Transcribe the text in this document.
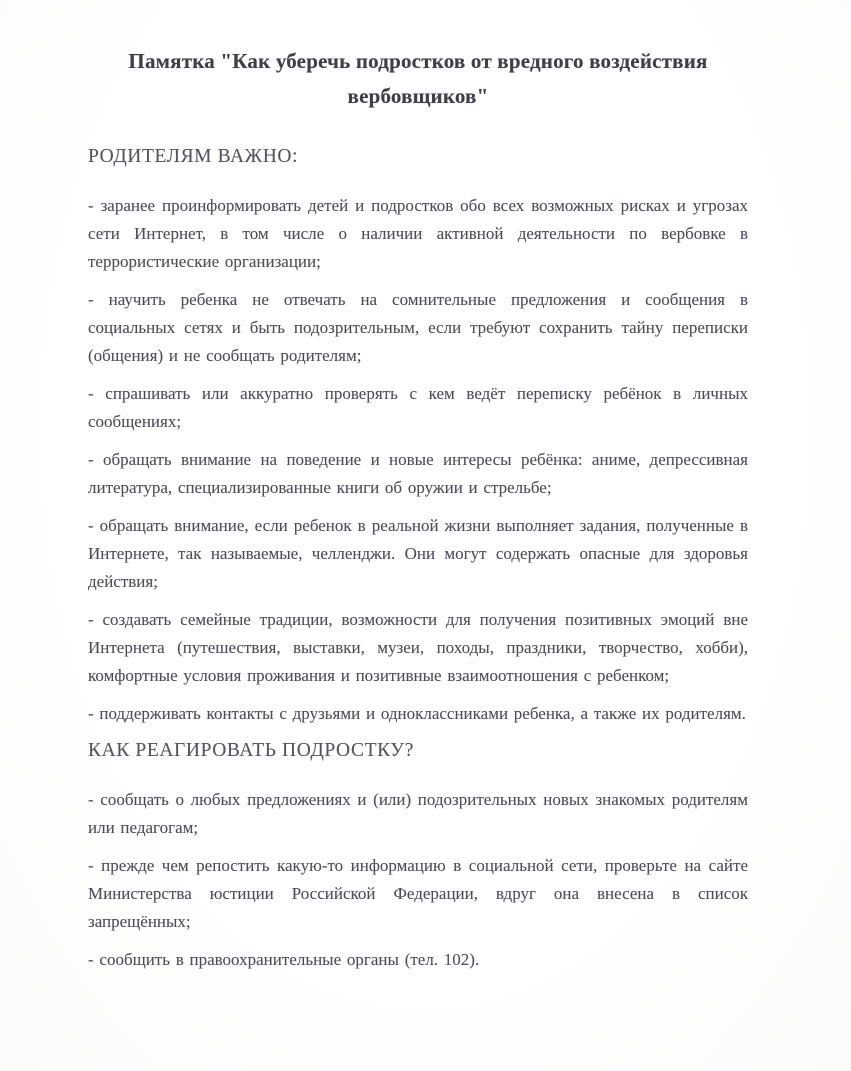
Памятка "Как уберечь подростков от вредного воздействия вербовщиков"
РОДИТЕЛЯМ ВАЖНО:

- заранее проинформировать детей и подростков обо всех возможных рисках и угрозах сети Интернет, в том числе о наличии активной деятельности по вербовке в террористические организации;

- научить ребенка не отвечать на сомнительные предложения и сообщения в социальных сетях и быть подозрительным, если требуют сохранить тайну переписки (общения) и не сообщать родителям;

- спрашивать или аккуратно проверять с кем ведёт переписку ребёнок в личных сообщениях;

- обращать внимание на поведение и новые интересы ребёнка: аниме, депрессивная литература, специализированные книги об оружии и стрельбе;

- обращать внимание, если ребенок в реальной жизни выполняет задания, полученные в Интернете, так называемые, челленджи. Они могут содержать опасные для здоровья действия;

- создавать семейные традиции, возможности для получения позитивных эмоций вне Интернета (путешествия, выставки, музеи, походы, праздники, творчество, хобби), комфортные условия проживания и позитивные взаимоотношения с ребенком;

- поддерживать контакты с друзьями и одноклассниками ребенка, а также их родителям.

КАК РЕАГИРОВАТЬ ПОДРОСТКУ?

- сообщать о любых предложениях и (или) подозрительных новых знакомых родителям или педагогам;

- прежде чем репостить какую-то информацию в социальной сети, проверьте на сайте Министерства юстиции Российской Федерации, вдруг она внесена в список запрещённых;

- сообщить в правоохранительные органы (тел. 102).
